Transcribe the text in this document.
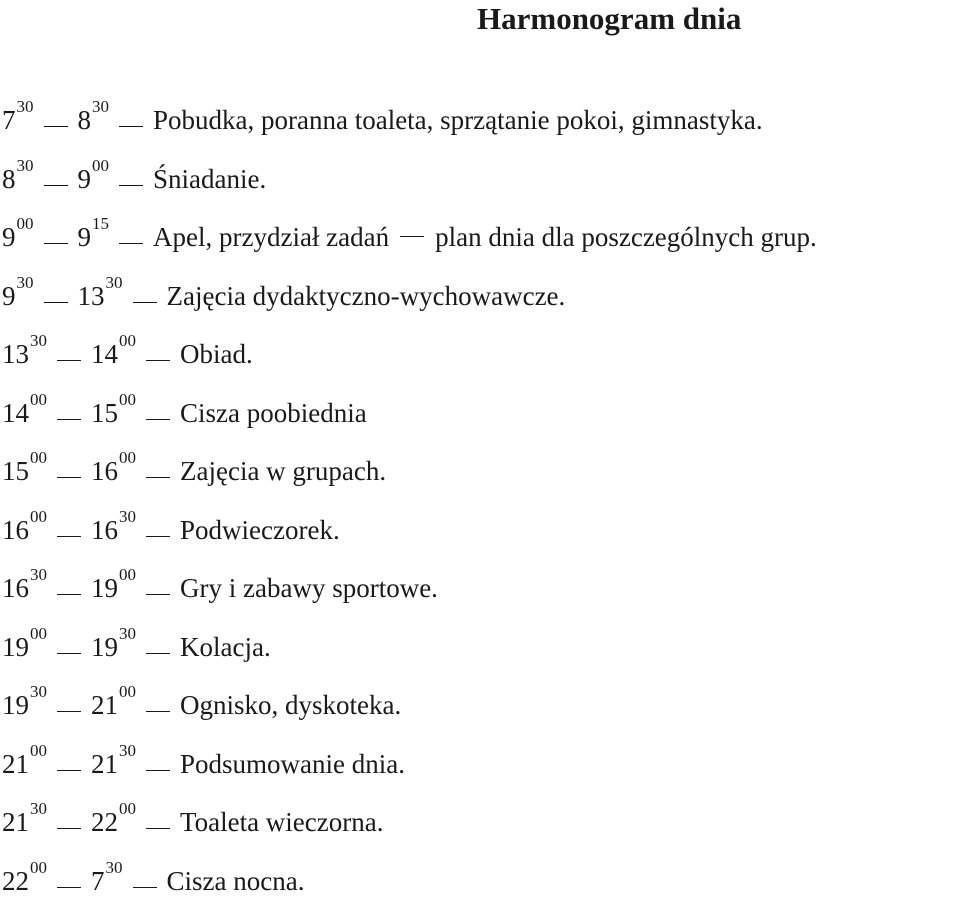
Harmonogram dnia
$7^{30}$ $8^{30}$ Pobudka, poranna toaleta, sprzątanie pokoi, gimnastyka.
$8^{30}$ $9^{00}$ Śniadanie.
$9^{00}$ $9^{15}$ Apel, przydział zadań plan dnia dla poszczególnych grup.
$9^{30}$ $13^{30}$ Zajęcia dydaktyczno-wychowawcze.
$13^{30}$ $14^{00}$ Obiad.
$14^{00}$ $15^{00}$ Cisza poobiednia
$15^{00}$ $16^{00}$ Zajęcia w grupach.
$16^{00}$ $16^{30}$ Podwieczorek.
$16^{30}$ $19^{00}$ Gry i zabawy sportowe.
$19^{00}$ $19^{30}$ Kolacja.
$19^{30}$ $21^{00}$ Ognisko, dyskoteka.
$21^{00}$ $21^{30}$ Podsumowanie dnia.
$21^{30}$ $22^{00}$ Toaleta wieczorna.
$22^{00}$ $7^{30}$ Cisza nocna.
